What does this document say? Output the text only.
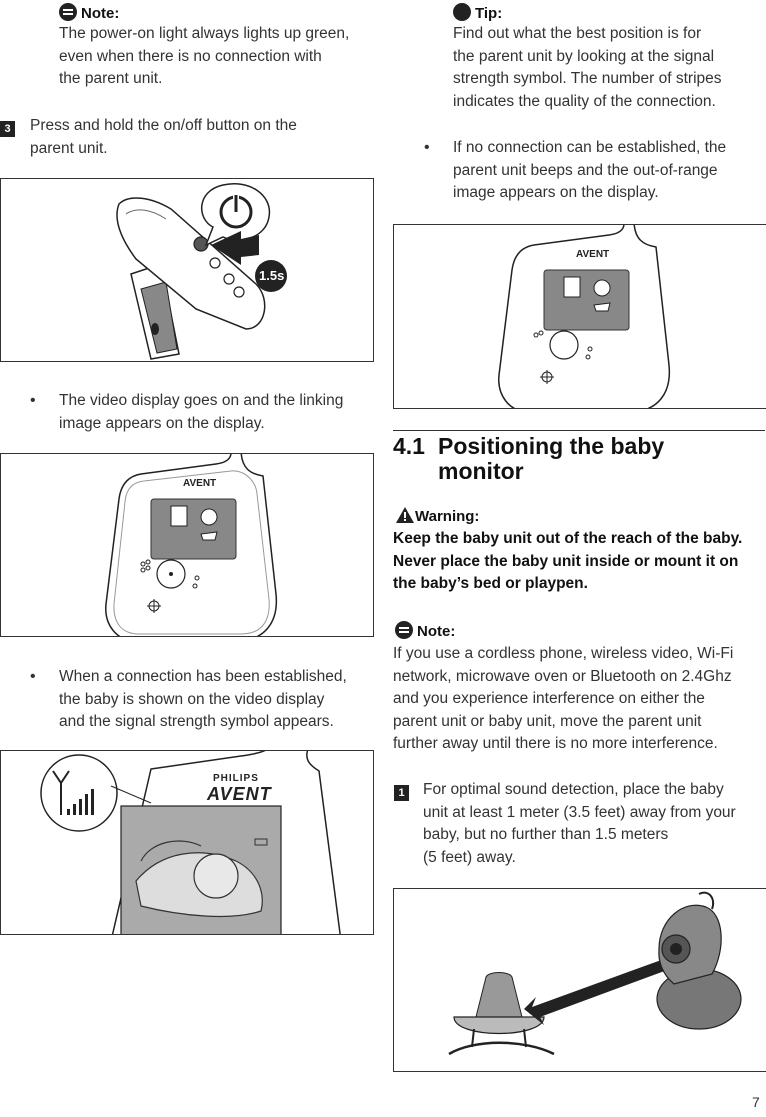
Note:
The power-on light always lights up green,
even when there is no connection with
the parent unit.
3 Press and hold the on/off button on the
parent unit.
1.5s
• The video display goes on and the linking
image appears on the display.
AVENT
• When a connection has been established,
the baby is shown on the video display
and the signal strength symbol appears.
PHILIPS
AVENT
Tip:
Find out what the best position is for
the parent unit by looking at the signal
strength symbol. The number of stripes
indicates the quality of the connection.
• If no connection can be established, the
parent unit beeps and the out-of-range
image appears on the display.
AVENT
4.1 Positioning the baby
monitor
Warning:
Keep the baby unit out of the reach of the baby.
Never place the baby unit inside or mount it on
the baby’s bed or playpen.
Note:
If you use a cordless phone, wireless video, Wi-Fi
network, microwave oven or Bluetooth on 2.4Ghz
and you experience interference on either the
parent unit or baby unit, move the parent unit
further away until there is no more interference.
1 For optimal sound detection, place the baby
unit at least 1 meter (3.5 feet) away from your
baby, but no further than 1.5 meters
(5 feet) away.
>1-1.5m / 3.5-5ft
7
